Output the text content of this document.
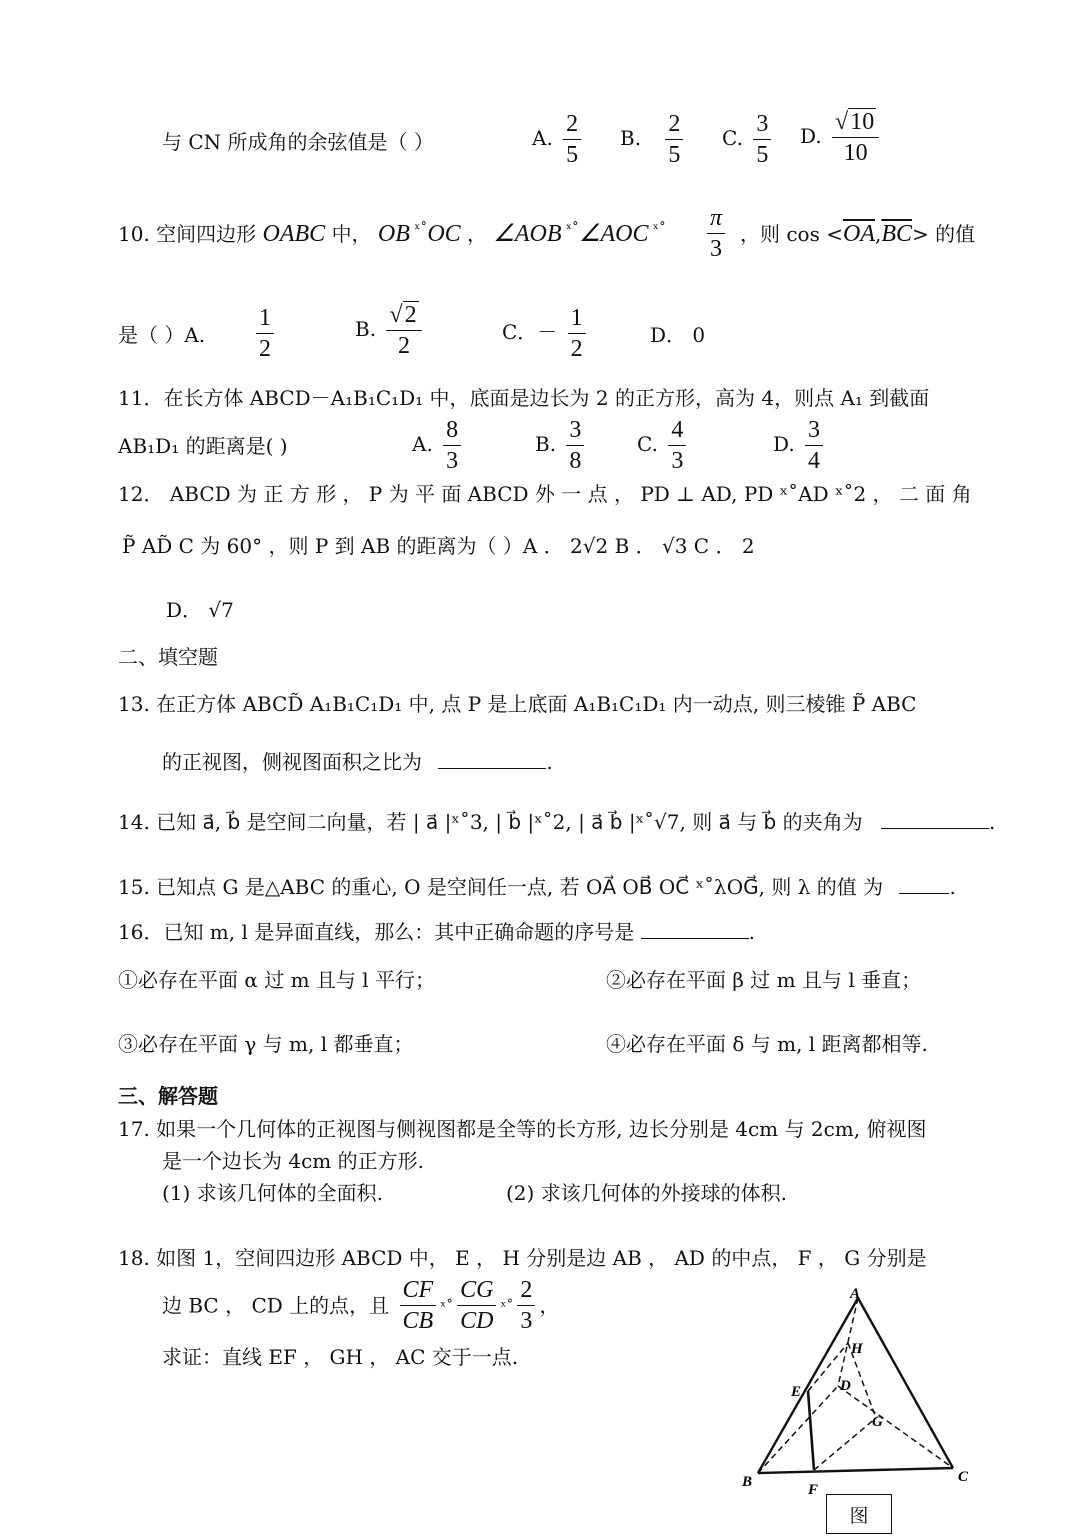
与 CN 所成角的余弦值是（ ）	A. $\frac{2}{5} B$. $\frac{2}{5} C$. $\frac{3}{5} D$. $\frac{√10}{10}$
10. 空间四边形 OABC 中， OB $^{ˣ˚}$OC ， ∠AOB $^{ˣ˚}$∠AOC $^{ˣ˚} \frac{\pi}{3}$ ，则 $\cos <\overline{OA},\overline{BC}>$ 的值
是（ ）A. $\frac{1}{2}$	B. $\frac{√2}{2}$	C．－ $\frac{1}{2}$	D． 0
11．在长方体 ABCD－A₁B₁C₁D₁ 中，底面是边长为 2 的正方形，高为 4，则点 A₁ 到截面
AB₁D₁ 的距离是( )	A. $\frac{8}{3}$	B. $\frac{3}{8}$	C. $\frac{4}{3}$	D. $\frac{3}{4}$
12． ABCD 为 正 方 形 ， P 为 平 面 ABCD 外 一 点 ， PD ⊥ AD, PD ˣ˚AD ˣ˚2 ， 二 面 角
P̃ AD̃ C 为 60° ，则 P 到 AB 的距离为（ ）A ． 2√2 B ． √3 C ． 2
D． √7
二、填空题
13. 在正方体 ABCD̃ A₁B₁C₁D₁ 中, 点 P 是上底面 A₁B₁C₁D₁ 内一动点, 则三棱锥 P̃ ABC
的正视图，侧视图面积之比为	.
14. 已知 a⃗, b⃗ 是空间二向量，若 | a⃗ |ˣ˚3, | b⃗ |ˣ˚2, | a⃗ b⃗ |ˣ˚√7, 则 a⃗ 与 b⃗ 的夹角为	.
15. 已知点 G 是△ABC 的重心, O 是空间任一点, 若 OA⃗ OB⃗ OC⃗ ˣ˚λOG⃗, 则 λ 的值 为	.
16．已知 m, l 是异面直线，那么：其中正确命题的序号是	.
①必存在平面 α 过 m 且与 l 平行；	②必存在平面 β 过 m 且与 l 垂直；
③必存在平面 γ 与 m, l 都垂直；	④必存在平面 δ 与 m, l 距离都相等.
三、解答题
17. 如果一个几何体的正视图与侧视图都是全等的长方形, 边长分别是 4cm 与 2cm, 俯视图
是一个边长为 4cm 的正方形.
(1) 求该几何体的全面积.	(2) 求该几何体的外接球的体积.
18. 如图 1，空间四边形 ABCD 中， E ， H 分别是边 AB ， AD 的中点， F ， G 分别是
边 BC ， CD 上的点，且 $\frac{CF}{CB}$ ˣ˚ $\frac{CG}{CD}$ ˣ˚ $\frac{2}{3}$ ，
求证：直线 EF ， GH ， AC 交于一点.
A
H
E	D
G
B	F
C
图
